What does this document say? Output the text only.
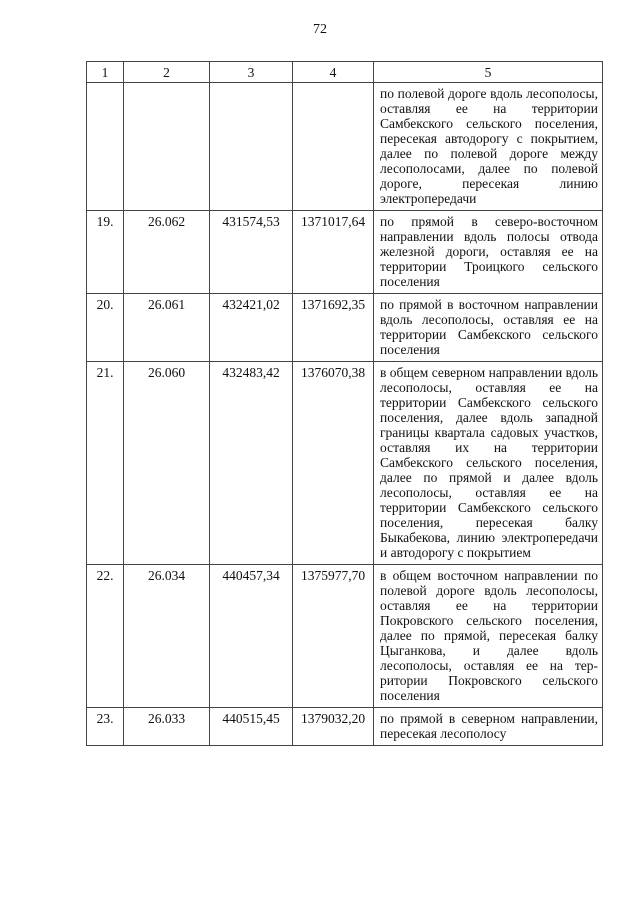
72
1	2	3	4	5
				по полевой дороге вдоль лесополосы, оставляя ее на территории Самбекского сельского поселения, пересекая автодорогу с покрытием, далее по полевой дороге между лесополосами, далее по полевой дороге, пересекая линию электропередачи
19.	26.062	431574,53	1371017,64	по прямой в северо-восточном направлении вдоль полосы отвода железной дороги, оставляя ее на территории Троицкого сельского поселения
20.	26.061	432421,02	1371692,35	по прямой в восточном направлении вдоль лесополосы, оставляя ее на территории Самбекского сельского поселения
21.	26.060	432483,42	1376070,38	в общем северном направлении вдоль лесополосы, оставляя ее на территории Самбекского сельского поселения, далее вдоль западной границы квартала садовых участков, оставляя их на территории Самбекского сельского поселения, далее по прямой и далее вдоль лесополосы, оставляя ее на территории Самбекского сельского поселения, пересекая балку Быкабекова, линию электропередачи и автодорогу с покрытием
22.	26.034	440457,34	1375977,70	в общем восточном направлении по полевой дороге вдоль лесополосы, оставляя ее на территории Покровского сельского поселения, далее по прямой, пересекая балку Цыганкова, и далее вдоль лесополосы, оставляя ее на территории Покровского сельского поселения
23.	26.033	440515,45	1379032,20	по прямой в северном направлении, пересекая лесополосу
